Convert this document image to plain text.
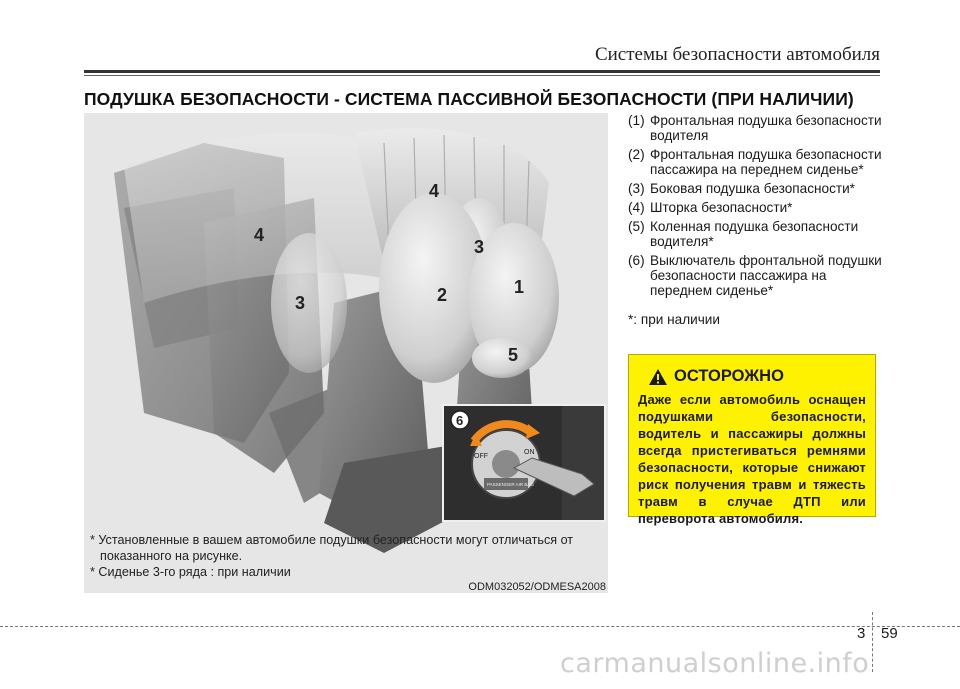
Системы безопасности автомобиля
ПОДУШКА БЕЗОПАСНОСТИ - СИСТЕМА ПАССИВНОЙ БЕЗОПАСНОСТИ (ПРИ НАЛИЧИИ)
1
2
3
3
4
4
5
OFF
ON
PASSENGER AIR BAG
6
* Установленные в вашем автомобиле подушки безопасности могут отличаться от
показанного на рисунке.
* Сиденье 3-го ряда : при наличии
ODM032052/ODMESA2008
(1) Фронтальная подушка безопасности водителя
(2) Фронтальная подушка безопасности пассажира на переднем сиденье*
(3) Боковая подушка безопасности*
(4) Шторка безопасности*
(5) Коленная подушка безопасности водителя*
(6) Выключатель фронтальной подушки безопасности пассажира на переднем сиденье*
*: при наличии
ОСТОРОЖНО
Даже если автомобиль оснащен подушками безопасности, водитель и пассажиры должны всегда пристегиваться ремнями безопасности, которые снижают риск получения травм и тяжесть травм в случае ДТП или переворота автомобиля.
3 59
carmanualsonline.info
